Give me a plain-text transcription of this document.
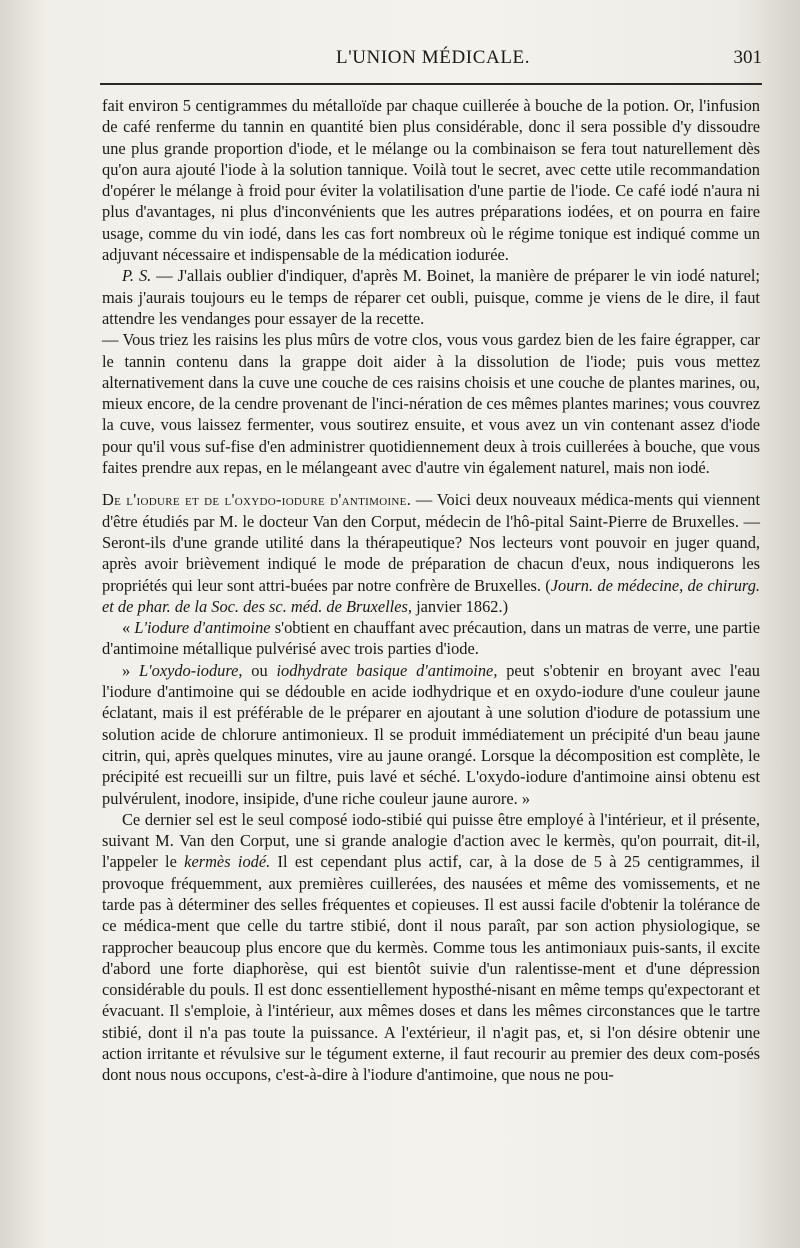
L'UNION MÉDICALE.	301

fait environ 5 centigrammes du métalloïde par chaque cuillerée à bouche de la potion. Or, l'infusion de café renferme du tannin en quantité bien plus considérable, donc il sera possible d'y dissoudre une plus grande proportion d'iode, et le mélange ou la combinaison se fera tout naturellement dès qu'on aura ajouté l'iode à la solution tannique. Voilà tout le secret, avec cette utile recommandation d'opérer le mélange à froid pour éviter la volatilisation d'une partie de l'iode. Ce café iodé n'aura ni plus d'avantages, ni plus d'inconvénients que les autres préparations iodées, et on pourra en faire usage, comme du vin iodé, dans les cas fort nombreux où le régime tonique est indiqué comme un adjuvant nécessaire et indispensable de la médication iodurée.

P. S. — J'allais oublier d'indiquer, d'après M. Boinet, la manière de préparer le vin iodé naturel; mais j'aurais toujours eu le temps de réparer cet oubli, puisque, comme je viens de le dire, il faut attendre les vendanges pour essayer de la recette.

— Vous triez les raisins les plus mûrs de votre clos, vous vous gardez bien de les faire égrapper, car le tannin contenu dans la grappe doit aider à la dissolution de l'iode; puis vous mettez alternativement dans la cuve une couche de ces raisins choisis et une couche de plantes marines, ou, mieux encore, de la cendre provenant de l'inci-nération de ces mêmes plantes marines; vous couvrez la cuve, vous laissez fermenter, vous soutirez ensuite, et vous avez un vin contenant assez d'iode pour qu'il vous suf-fise d'en administrer quotidiennement deux à trois cuillerées à bouche, que vous faites prendre aux repas, en le mélangeant avec d'autre vin également naturel, mais non iodé.

De l'iodure et de l'oxydo-iodure d'antimoine. — Voici deux nouveaux médica-ments qui viennent d'être étudiés par M. le docteur Van den Corput, médecin de l'hô-pital Saint-Pierre de Bruxelles. — Seront-ils d'une grande utilité dans la thérapeutique? Nos lecteurs vont pouvoir en juger quand, après avoir brièvement indiqué le mode de préparation de chacun d'eux, nous indiquerons les propriétés qui leur sont attri-buées par notre confrère de Bruxelles. (Journ. de médecine, de chirurg. et de phar. de la Soc. des sc. méd. de Bruxelles, janvier 1862.)

« L'iodure d'antimoine s'obtient en chauffant avec précaution, dans un matras de verre, une partie d'antimoine métallique pulvérisé avec trois parties d'iode.

» L'oxydo-iodure, ou iodhydrate basique d'antimoine, peut s'obtenir en broyant avec l'eau l'iodure d'antimoine qui se dédouble en acide iodhydrique et en oxydo-iodure d'une couleur jaune éclatant, mais il est préférable de le préparer en ajoutant à une solution d'iodure de potassium une solution acide de chlorure antimonieux. Il se produit immédiatement un précipité d'un beau jaune citrin, qui, après quelques minutes, vire au jaune orangé. Lorsque la décomposition est complète, le précipité est recueilli sur un filtre, puis lavé et séché. L'oxydo-iodure d'antimoine ainsi obtenu est pulvérulent, inodore, insipide, d'une riche couleur jaune aurore. »

Ce dernier sel est le seul composé iodo-stibié qui puisse être employé à l'intérieur, et il présente, suivant M. Van den Corput, une si grande analogie d'action avec le kermès, qu'on pourrait, dit-il, l'appeler le kermès iodé. Il est cependant plus actif, car, à la dose de 5 à 25 centigrammes, il provoque fréquemment, aux premières cuillerées, des nausées et même des vomissements, et ne tarde pas à déterminer des selles fréquentes et copieuses. Il est aussi facile d'obtenir la tolérance de ce médica-ment que celle du tartre stibié, dont il nous paraît, par son action physiologique, se rapprocher beaucoup plus encore que du kermès. Comme tous les antimoniaux puis-sants, il excite d'abord une forte diaphorèse, qui est bientôt suivie d'un ralentisse-ment et d'une dépression considérable du pouls. Il est donc essentiellement hyposthé-nisant en même temps qu'expectorant et évacuant. Il s'emploie, à l'intérieur, aux mêmes doses et dans les mêmes circonstances que le tartre stibié, dont il n'a pas toute la puissance. A l'extérieur, il n'agit pas, et, si l'on désire obtenir une action irritante et révulsive sur le tégument externe, il faut recourir au premier des deux com-posés dont nous nous occupons, c'est-à-dire à l'iodure d'antimoine, que nous ne pou-
